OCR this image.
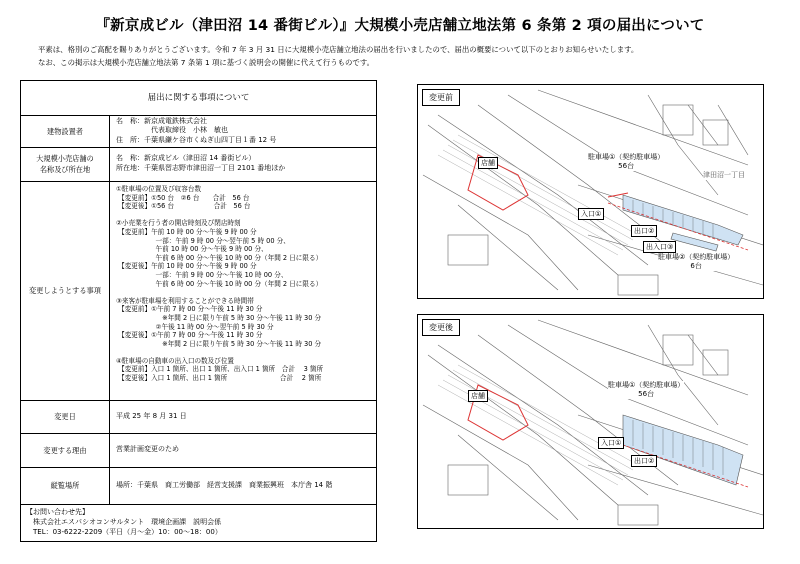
『新京成ビル（津田沼 14 番街ビル）』大規模小売店舗立地法第 6 条第 2 項の届出について
平素は、格別のご高配を賜りありがとうございます。令和 7 年 3 月 31 日に大規模小売店舗立地法の届出を行いましたので、届出の概要について以下のとおりお知らせいたします。
なお、この掲示は大規模小売店舗立地法第 7 条第 1 項に基づく説明会の開催に代えて行うものです。
届出に関する事項について
建物設置者
名　称：新京成電鉄株式会社
　　　　　代表取締役　小林　敏也
住　所：千葉県鎌ケ谷市くぬぎ山四丁目１番 12 号
大規模小売店舗の
名称及び所在地
名　称：新京成ビル（津田沼 14 番街ビル）
所在地：千葉県習志野市津田沼一丁目 2101 番地ほか
変更しようとする事項
①駐車場の位置及び収容台数
【変更前】①50 台　②6 台　　合計　56 台
【変更後】①56 台　　　　　　合計　56 台

②小売業を行う者の開店時刻及び閉店時刻
【変更前】午前 10 時 00 分～午後 9 時 00 分
　　　　　　一部：午前 9 時 00 分～翌午前 5 時 00 分、
　　　　　　午前 10 時 00 分～午後 9 時 00 分、
　　　　　　午前 6 時 00 分～午後 10 時 00 分（年間 2 日に限る）
【変更後】午前 10 時 00 分～午後 9 時 00 分
　　　　　　一部：午前 9 時 00 分～午後 10 時 00 分、
　　　　　　午前 6 時 00 分～午後 10 時 00 分（年間 2 日に限る）

③来客が駐車場を利用することができる時間帯
【変更前】①午前 7 時 00 分～午後 11 時 30 分
　　　　　　　※年間 2 日に限り午前 5 時 30 分～午後 11 時 30 分
　　　　　　②午後 11 時 00 分～翌午前 5 時 30 分
【変更後】①午前 7 時 00 分～午後 11 時 30 分
　　　　　　　※年間 2 日に限り午前 5 時 30 分～午後 11 時 30 分

④駐車場の自動車の出入口の数及び位置
【変更前】入口 1 箇所、出口 1 箇所、出入口 1 箇所　合計　 3 箇所
【変更後】入口 1 箇所、出口 1 箇所　　　　　　　　合計　 2 箇所
変更日	平成 25 年 8 月 31 日
変更する理由	営業計画変更のため
縦覧場所	場所：千葉県　商工労働部　経営支援課　商業振興班　本庁舎 14 階
【お問い合わせ先】
　株式会社エスパシオコンサルタント　環境企画課　説明会係
　TEL：03-6222-2209（平日（月～金）10：00～18：00）
変更前
店舗
駐車場①（契約駐車場）
56台
駐車場②（契約駐車場）
6台
入口①
出口②
出入口③
津田沼一丁目
変更後
店舗
駐車場①（契約駐車場）
56台
入口①
出口②
